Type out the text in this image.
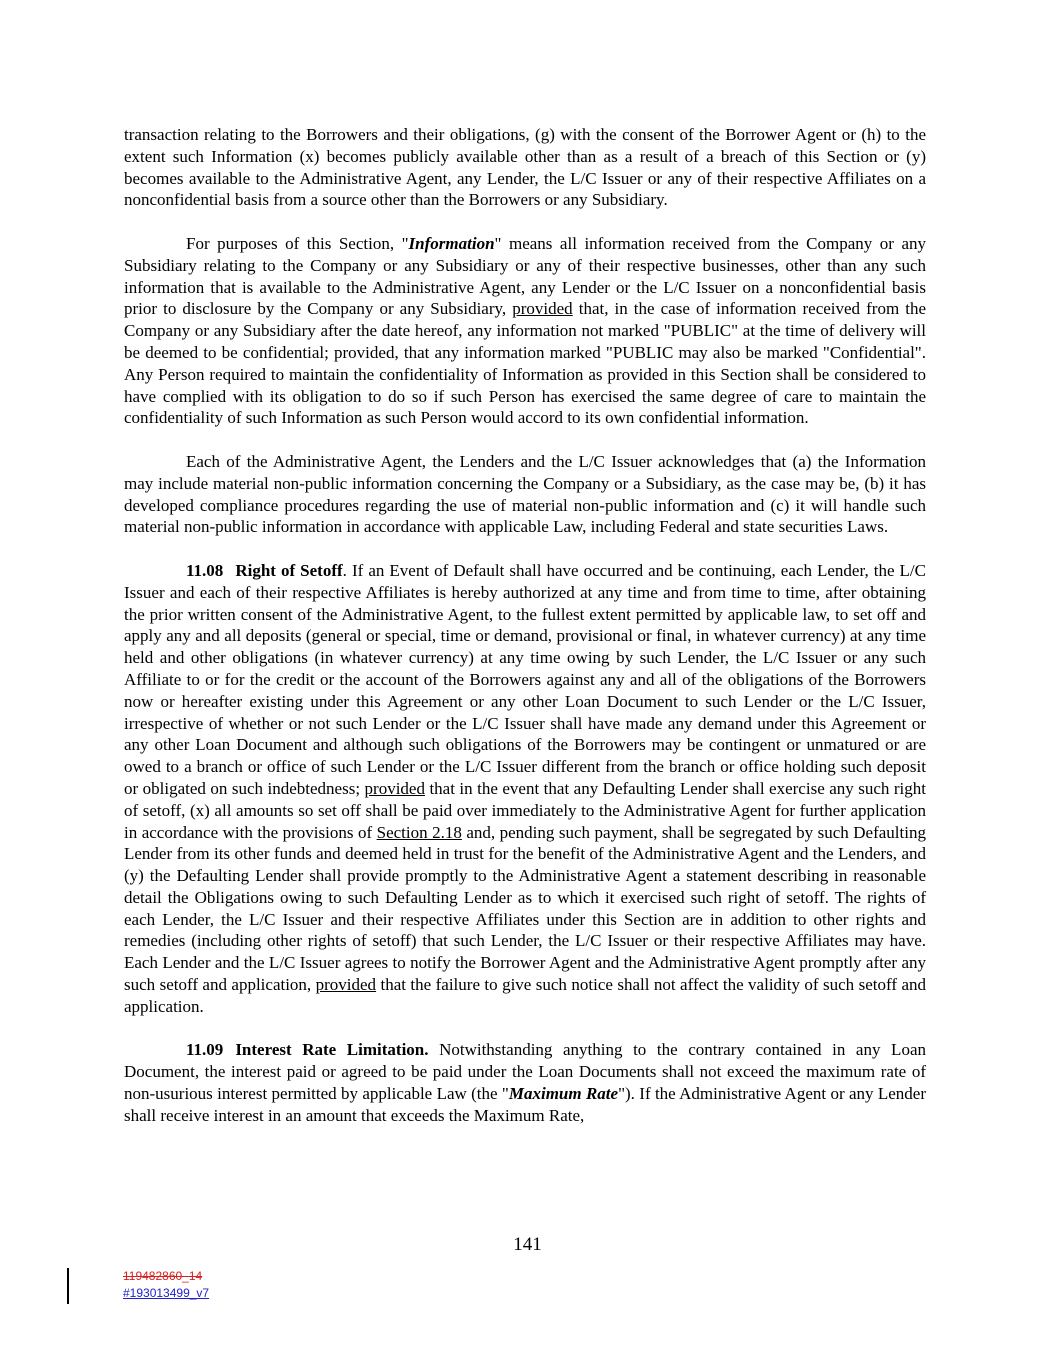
transaction relating to the Borrowers and their obligations, (g) with the consent of the Borrower Agent or (h) to the extent such Information (x) becomes publicly available other than as a result of a breach of this Section or (y) becomes available to the Administrative Agent, any Lender, the L/C Issuer or any of their respective Affiliates on a nonconfidential basis from a source other than the Borrowers or any Subsidiary.

For purposes of this Section, "Information" means all information received from the Company or any Subsidiary relating to the Company or any Subsidiary or any of their respective businesses, other than any such information that is available to the Administrative Agent, any Lender or the L/C Issuer on a nonconfidential basis prior to disclosure by the Company or any Subsidiary, provided that, in the case of information received from the Company or any Subsidiary after the date hereof, any information not marked "PUBLIC" at the time of delivery will be deemed to be confidential; provided, that any information marked "PUBLIC may also be marked "Confidential". Any Person required to maintain the confidentiality of Information as provided in this Section shall be considered to have complied with its obligation to do so if such Person has exercised the same degree of care to maintain the confidentiality of such Information as such Person would accord to its own confidential information.

Each of the Administrative Agent, the Lenders and the L/C Issuer acknowledges that (a) the Information may include material non-public information concerning the Company or a Subsidiary, as the case may be, (b) it has developed compliance procedures regarding the use of material non-public information and (c) it will handle such material non-public information in accordance with applicable Law, including Federal and state securities Laws.

11.08 Right of Setoff. If an Event of Default shall have occurred and be continuing, each Lender, the L/C Issuer and each of their respective Affiliates is hereby authorized at any time and from time to time, after obtaining the prior written consent of the Administrative Agent, to the fullest extent permitted by applicable law, to set off and apply any and all deposits (general or special, time or demand, provisional or final, in whatever currency) at any time held and other obligations (in whatever currency) at any time owing by such Lender, the L/C Issuer or any such Affiliate to or for the credit or the account of the Borrowers against any and all of the obligations of the Borrowers now or hereafter existing under this Agreement or any other Loan Document to such Lender or the L/C Issuer, irrespective of whether or not such Lender or the L/C Issuer shall have made any demand under this Agreement or any other Loan Document and although such obligations of the Borrowers may be contingent or unmatured or are owed to a branch or office of such Lender or the L/C Issuer different from the branch or office holding such deposit or obligated on such indebtedness; provided that in the event that any Defaulting Lender shall exercise any such right of setoff, (x) all amounts so set off shall be paid over immediately to the Administrative Agent for further application in accordance with the provisions of Section 2.18 and, pending such payment, shall be segregated by such Defaulting Lender from its other funds and deemed held in trust for the benefit of the Administrative Agent and the Lenders, and (y) the Defaulting Lender shall provide promptly to the Administrative Agent a statement describing in reasonable detail the Obligations owing to such Defaulting Lender as to which it exercised such right of setoff. The rights of each Lender, the L/C Issuer and their respective Affiliates under this Section are in addition to other rights and remedies (including other rights of setoff) that such Lender, the L/C Issuer or their respective Affiliates may have. Each Lender and the L/C Issuer agrees to notify the Borrower Agent and the Administrative Agent promptly after any such setoff and application, provided that the failure to give such notice shall not affect the validity of such setoff and application.

11.09 Interest Rate Limitation. Notwithstanding anything to the contrary contained in any Loan Document, the interest paid or agreed to be paid under the Loan Documents shall not exceed the maximum rate of non-usurious interest permitted by applicable Law (the "Maximum Rate"). If the Administrative Agent or any Lender shall receive interest in an amount that exceeds the Maximum Rate,

141
119482860_14
#193013499_v7
